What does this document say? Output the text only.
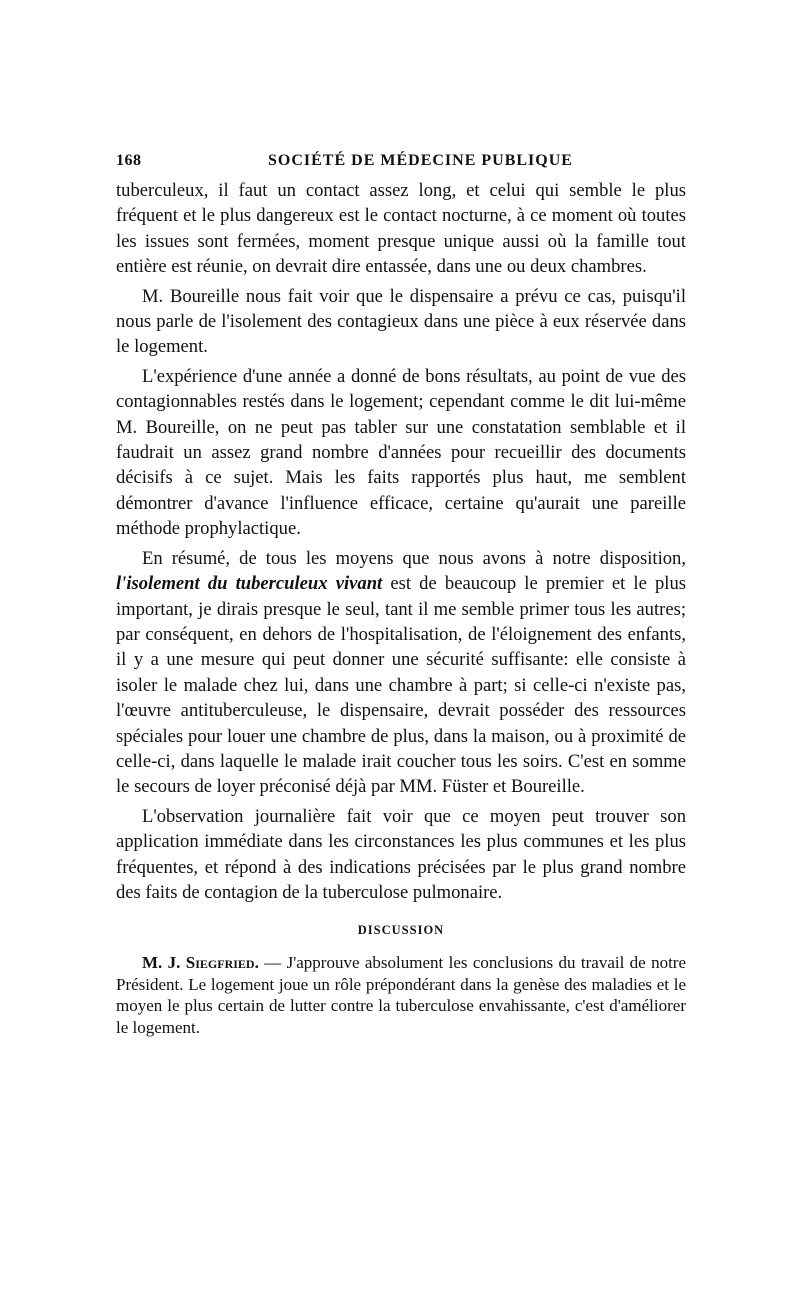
168	SOCIÉTÉ DE MÉDECINE PUBLIQUE

tuberculeux, il faut un contact assez long, et celui qui semble le plus fréquent et le plus dangereux est le contact nocturne, à ce moment où toutes les issues sont fermées, moment presque unique aussi où la famille tout entière est réunie, on devrait dire entassée, dans une ou deux chambres.

M. Boureille nous fait voir que le dispensaire a prévu ce cas, puisqu'il nous parle de l'isolement des contagieux dans une pièce à eux réservée dans le logement.

L'expérience d'une année a donné de bons résultats, au point de vue des contagionnables restés dans le logement; cependant comme le dit lui-même M. Boureille, on ne peut pas tabler sur une constatation semblable et il faudrait un assez grand nombre d'années pour recueillir des documents décisifs à ce sujet. Mais les faits rapportés plus haut, me semblent démontrer d'avance l'influence efficace, certaine qu'aurait une pareille méthode prophylactique.

En résumé, de tous les moyens que nous avons à notre disposition, l'isolement du tuberculeux vivant est de beaucoup le premier et le plus important, je dirais presque le seul, tant il me semble primer tous les autres; par conséquent, en dehors de l'hospitalisation, de l'éloignement des enfants, il y a une mesure qui peut donner une sécurité suffisante: elle consiste à isoler le malade chez lui, dans une chambre à part; si celle-ci n'existe pas, l'œuvre antituberculeuse, le dispensaire, devrait posséder des ressources spéciales pour louer une chambre de plus, dans la maison, ou à proximité de celle-ci, dans laquelle le malade irait coucher tous les soirs. C'est en somme le secours de loyer préconisé déjà par MM. Füster et Boureille.

L'observation journalière fait voir que ce moyen peut trouver son application immédiate dans les circonstances les plus communes et les plus fréquentes, et répond à des indications précisées par le plus grand nombre des faits de contagion de la tuberculose pulmonaire.

DISCUSSION

M. J. Siegfried. — J'approuve absolument les conclusions du travail de notre Président. Le logement joue un rôle prépondérant dans la genèse des maladies et le moyen le plus certain de lutter contre la tuberculose envahissante, c'est d'améliorer le logement.
